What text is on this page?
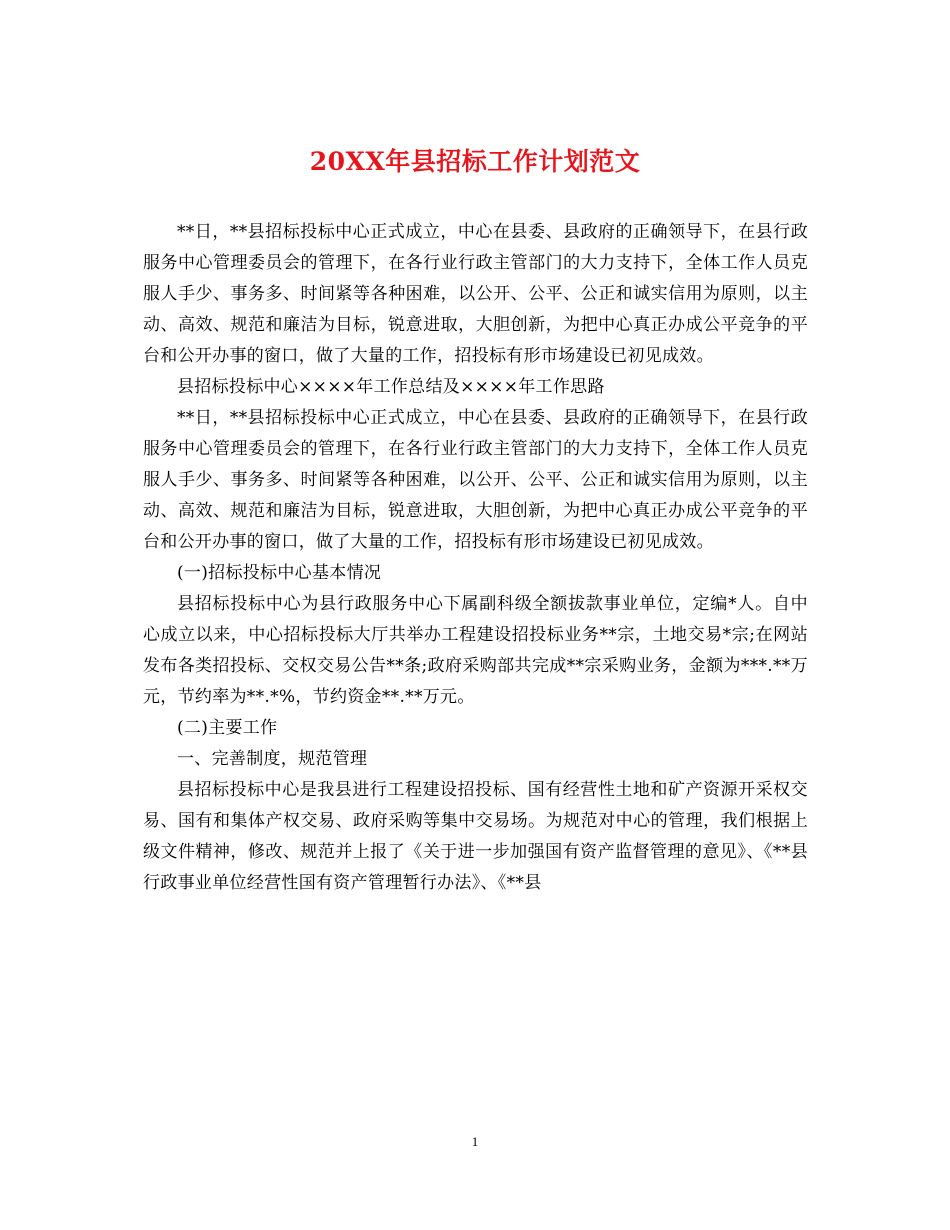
20XX年县招标工作计划范文

**日，**县招标投标中心正式成立，中心在县委、县政府的正确领导下，在县行政服务中心管理委员会的管理下，在各行业行政主管部门的大力支持下，全体工作人员克服人手少、事务多、时间紧等各种困难，以公开、公平、公正和诚实信用为原则，以主动、高效、规范和廉洁为目标，锐意进取，大胆创新，为把中心真正办成公平竞争的平台和公开办事的窗口，做了大量的工作，招投标有形市场建设已初见成效。

县招标投标中心××××年工作总结及××××年工作思路

**日，**县招标投标中心正式成立，中心在县委、县政府的正确领导下，在县行政服务中心管理委员会的管理下，在各行业行政主管部门的大力支持下，全体工作人员克服人手少、事务多、时间紧等各种困难，以公开、公平、公正和诚实信用为原则，以主动、高效、规范和廉洁为目标，锐意进取，大胆创新，为把中心真正办成公平竞争的平台和公开办事的窗口，做了大量的工作，招投标有形市场建设已初见成效。

(一)招标投标中心基本情况

县招标投标中心为县行政服务中心下属副科级全额拔款事业单位，定编*人。自中心成立以来，中心招标投标大厅共举办工程建设招投标业务**宗，土地交易*宗;在网站发布各类招投标、交权交易公告**条;政府采购部共完成**宗采购业务，金额为***.**万元，节约率为**.*%，节约资金**.**万元。

(二)主要工作

一、完善制度，规范管理

县招标投标中心是我县进行工程建设招投标、国有经营性土地和矿产资源开采权交易、国有和集体产权交易、政府采购等集中交易场。为规范对中心的管理，我们根据上级文件精神，修改、规范并上报了《关于进一步加强国有资产监督管理的意见》、《**县行政事业单位经营性国有资产管理暂行办法》、《**县

1
